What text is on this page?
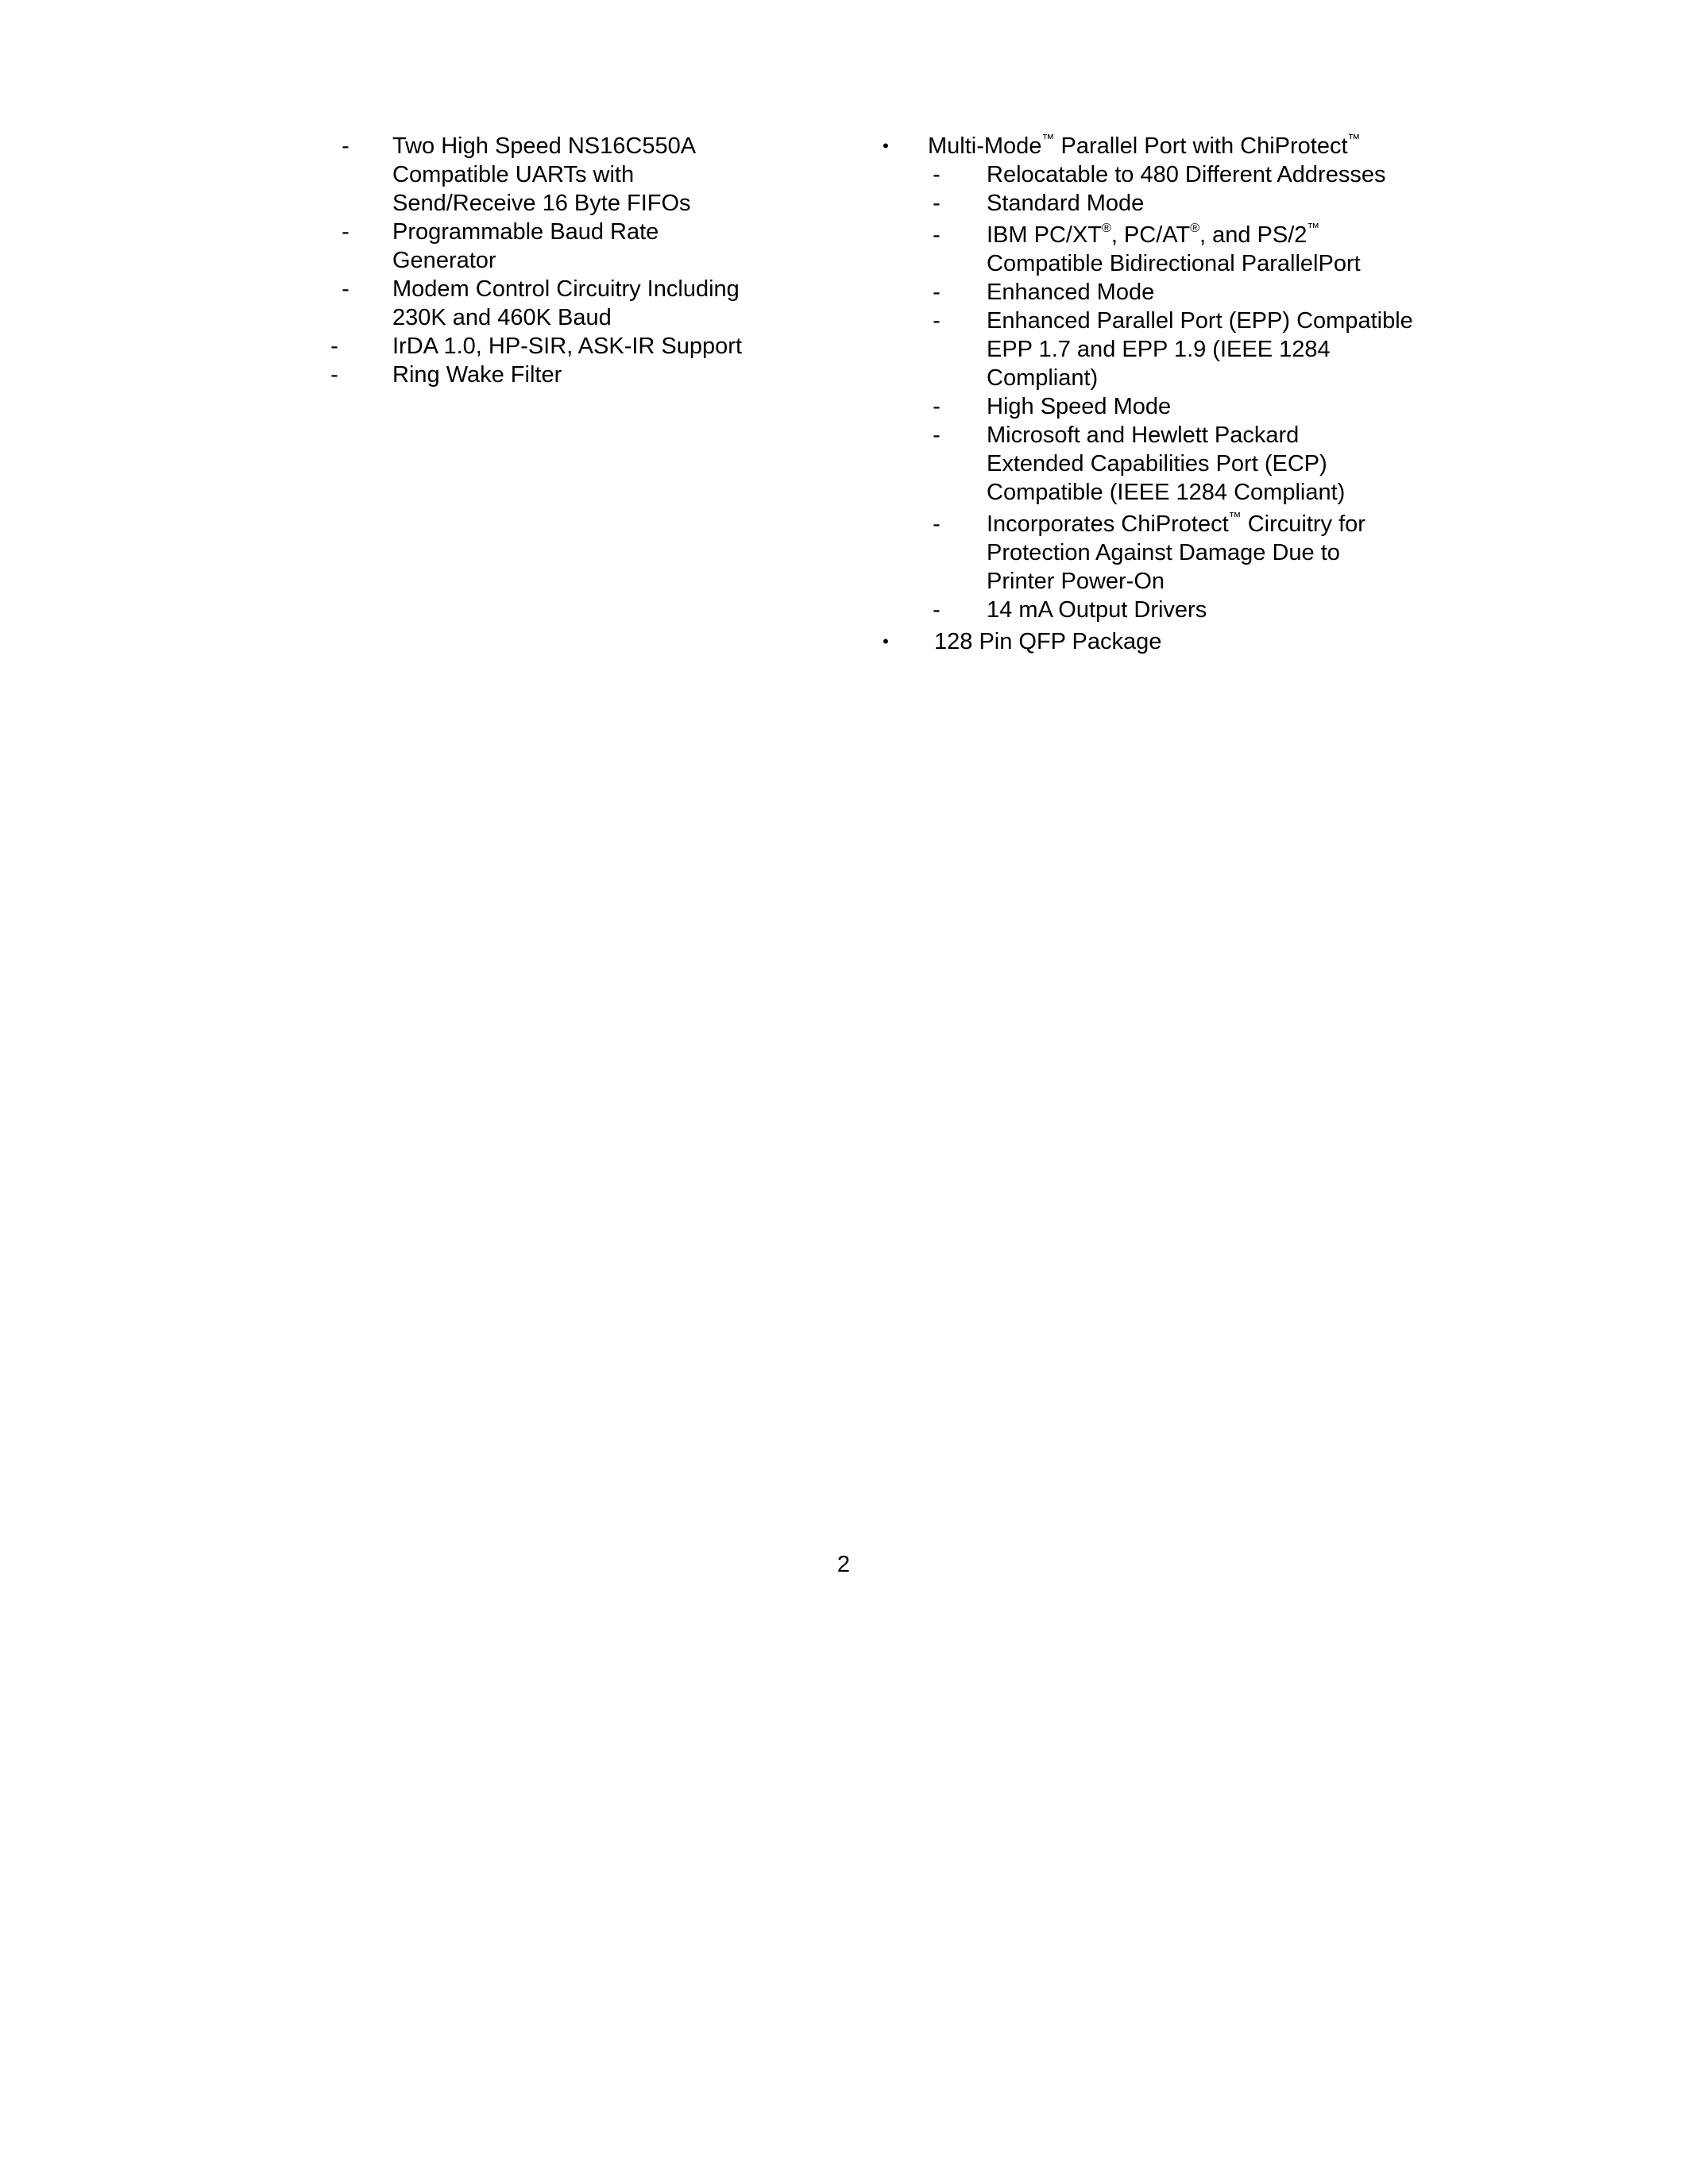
-	Two High Speed NS16C550A Compatible UARTs with Send/Receive 16 Byte FIFOs
-	Programmable Baud Rate Generator
-	Modem Control Circuitry Including 230K and 460K Baud
-	IrDA 1.0, HP-SIR, ASK-IR Support
-	Ring Wake Filter
•	Multi-Mode™ Parallel Port with ChiProtect™
-	Relocatable to 480 Different Addresses
-	Standard Mode
-	IBM PC/XT®, PC/AT®, and PS/2™ Compatible Bidirectional ParallelPort
-	Enhanced Mode
-	Enhanced Parallel Port (EPP) Compatible EPP 1.7 and EPP 1.9 (IEEE 1284 Compliant)
-	High Speed Mode
-	Microsoft and Hewlett Packard Extended Capabilities Port (ECP) Compatible (IEEE 1284 Compliant)
-	Incorporates ChiProtect™ Circuitry for Protection Against Damage Due to Printer Power-On
-	14 mA Output Drivers
•	128 Pin QFP Package
2
